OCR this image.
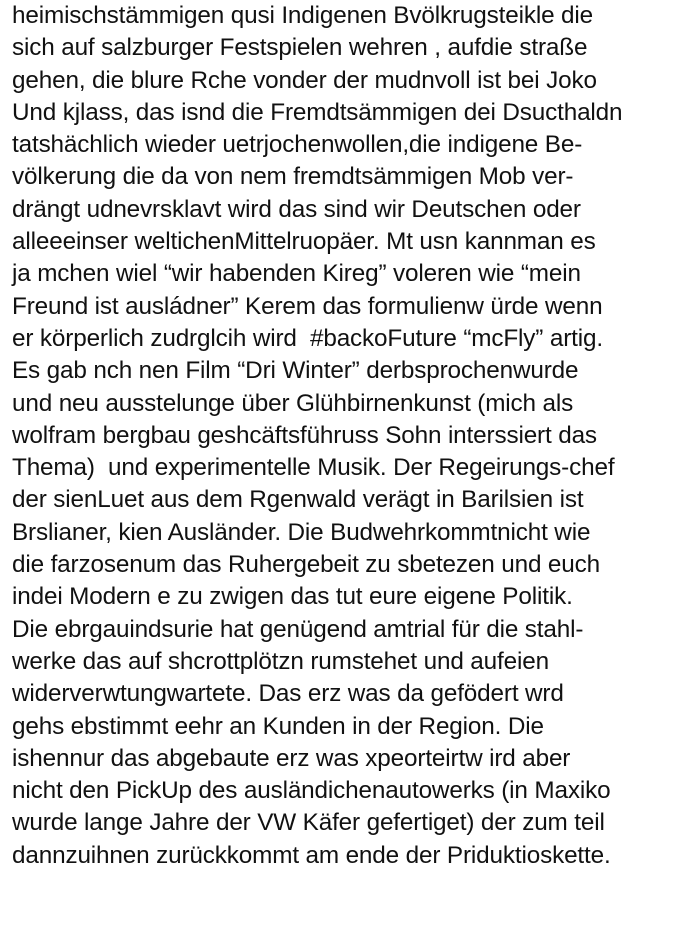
heimischstämmigen qusi Indigenen Bvölkrugsteikle die
sich auf salzburger Festspielen wehren , aufdie straße
gehen, die blure Rche vonder der mudnvoll ist bei Joko
Und kjlass, das isnd die Fremdtsämmigen dei Dsucthaldn
tatshächlich wieder uetrjochenwollen,die indigene Be-
völkerung die da von nem fremdtsämmigen Mob ver-
drängt udnevrsklavt wird das sind wir Deutschen oder
alleeeinser weltichenMittelruopäer. Mt usn kannman es
ja mchen wiel “wir habenden Kireg” voleren wie “mein
Freund ist ausládner” Kerem das formulienw ürde wenn
er körperlich zudrglcih wird  #backoFuture “mcFly” artig.
Es gab nch nen Film “Dri Winter” derbsprochenwurde
und neu ausstelunge über Glühbirnenkunst (mich als
wolfram bergbau geshcäftsführuss Sohn interssiert das
Thema)  und experimentelle Musik. Der Regeirungs-chef
der sienLuet aus dem Rgenwald verägt in Barilsien ist
Brslianer, kien Ausländer. Die Budwehrkommtnicht wie
die farzosenum das Ruhergebeit zu sbetezen und euch
indei Modern e zu zwigen das tut eure eigene Politik.
Die ebrgauindsurie hat genügend amtrial für die stahl-
werke das auf shcrottplötzn rumstehet und aufeien
widerverwtungwartete. Das erz was da gefödert wrd
gehs ebstimmt eehr an Kunden in der Region. Die
ishennur das abgebaute erz was xpeorteirtw ird aber
nicht den PickUp des ausländichenautowerks (in Maxiko
wurde lange Jahre der VW Käfer gefertiget) der zum teil
dannzuihnen zurückkommt am ende der Priduktioskette.
